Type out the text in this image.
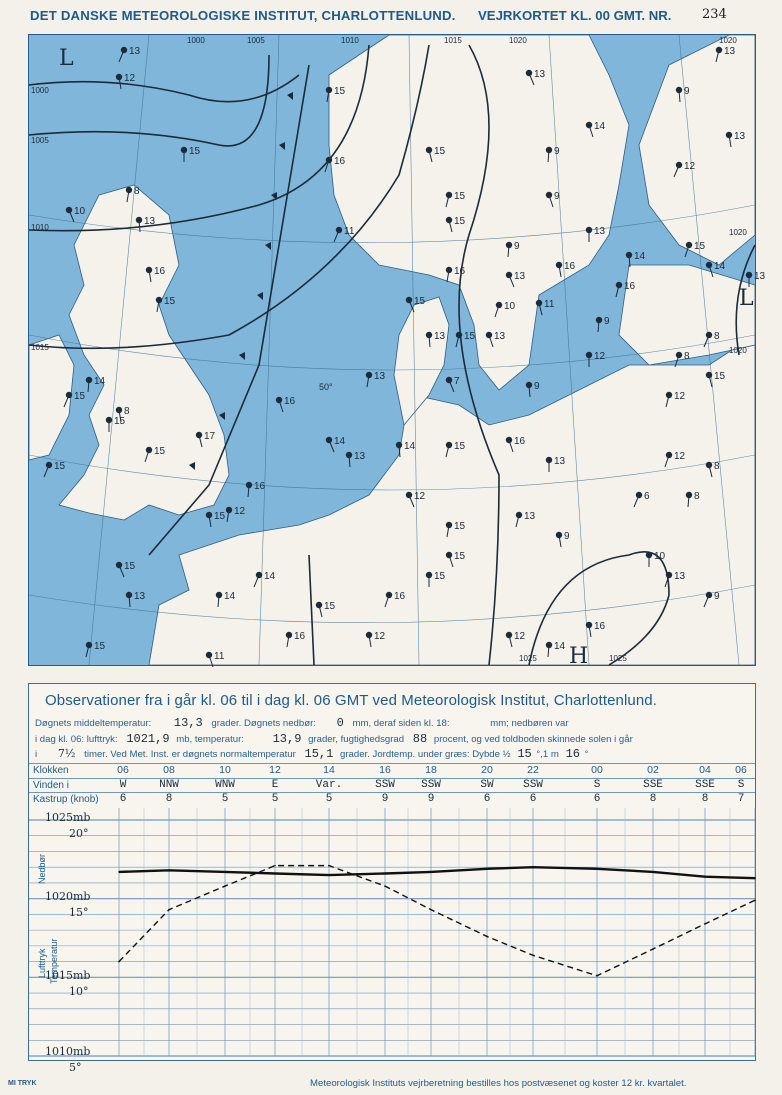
DET DANSKE METEOROLOGISKE INSTITUT, CHARLOTTENLUND. VEJRKORTET KL. 00 GMT. NR. 234
1000	1005	1010	1015	1020
1000
1005
1010
1015
1020
1025	1025
1020
1020
L
L
H
50°
13
12
15
13
9
13
14
15
16
15	9
12
13
8
10
13
15	9
13
15
15
9
11
16
16	13
14
16
14
13
10	11
9
8
16
15	15
13 15 13
12	8
15
14
15
8
13	7	9
12
16
15
15
17
16
15
15 12
14	14	15	16
13	12
8
8
6
9
15
12
13
13
15
15
16
15
14
14
12
16
15
13
15
11
10
13
12
14
9
16
Observationer fra i går kl. 06 til i dag kl. 06 GMT ved Meteorologisk Institut, Charlottenlund.
Døgnets middeltemperatur: 13,3 grader. Døgnets nedbør: 0 mm, deraf siden kl. 18:	mm; nedbøren var
i dag kl. 06: lufttryk: 1021,9 mb, temperatur: 13,9 grader, fugtighedsgrad 88 procent, og ved toldboden skinnede solen i går
i 7½ timer. Ved Met. Inst. er døgnets normaltemperatur 15,1 grader. Jordtemp. under græs: Dybde ½ 15 °,1 m 16 °
Klokken	06	08	10	12	14	16	18	20	22	00	02	04	06
Vinden i	W	NNW	WNW	E	Var.	SSW	SSW	SW	SSW	S	SSE	SSE	S
Kastrup (knob)	6	8	5	5	5	9	9	6	6	6	8	8	7
1025mb
20°
1020mb
15°
1015mb
10°
1010mb
5°
Nedbør
Lufttryk Temperatur
MI TRYK	Meteorologisk Instituts vejrberetning bestilles hos postvæsenet og koster 12 kr. kvartalet.
